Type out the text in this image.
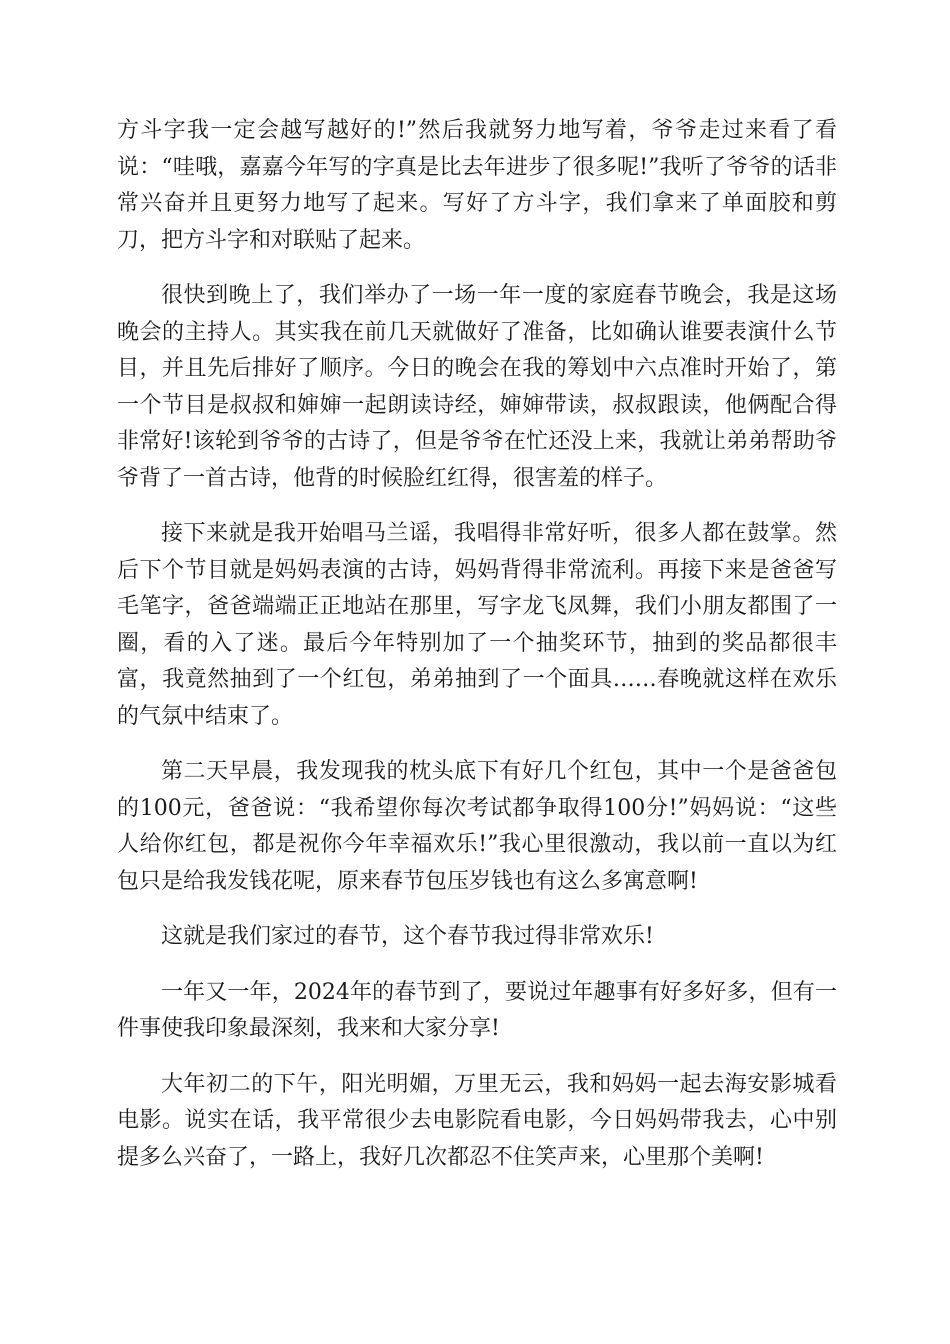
方斗字我一定会越写越好的!”然后我就努力地写着，爷爷走过来看了看说：“哇哦，嘉嘉今年写的字真是比去年进步了很多呢!”我听了爷爷的话非常兴奋并且更努力地写了起来。写好了方斗字，我们拿来了单面胶和剪刀，把方斗字和对联贴了起来。

很快到晚上了，我们举办了一场一年一度的家庭春节晚会，我是这场晚会的主持人。其实我在前几天就做好了准备，比如确认谁要表演什么节目，并且先后排好了顺序。今日的晚会在我的筹划中六点准时开始了，第一个节目是叔叔和婶婶一起朗读诗经，婶婶带读，叔叔跟读，他俩配合得非常好!该轮到爷爷的古诗了，但是爷爷在忙还没上来，我就让弟弟帮助爷爷背了一首古诗，他背的时候脸红红得，很害羞的样子。

接下来就是我开始唱马兰谣，我唱得非常好听，很多人都在鼓掌。然后下个节目就是妈妈表演的古诗，妈妈背得非常流利。再接下来是爸爸写毛笔字，爸爸端端正正地站在那里，写字龙飞凤舞，我们小朋友都围了一圈，看的入了迷。最后今年特别加了一个抽奖环节，抽到的奖品都很丰富，我竟然抽到了一个红包，弟弟抽到了一个面具……春晚就这样在欢乐的气氛中结束了。

第二天早晨，我发现我的枕头底下有好几个红包，其中一个是爸爸包的100元，爸爸说：“我希望你每次考试都争取得100分!”妈妈说：“这些人给你红包，都是祝你今年幸福欢乐!”我心里很激动，我以前一直以为红包只是给我发钱花呢，原来春节包压岁钱也有这么多寓意啊!

这就是我们家过的春节，这个春节我过得非常欢乐!

一年又一年，2024年的春节到了，要说过年趣事有好多好多，但有一件事使我印象最深刻，我来和大家分享!

大年初二的下午，阳光明媚，万里无云，我和妈妈一起去海安影城看电影。说实在话，我平常很少去电影院看电影，今日妈妈带我去，心中别提多么兴奋了，一路上，我好几次都忍不住笑声来，心里那个美啊!
